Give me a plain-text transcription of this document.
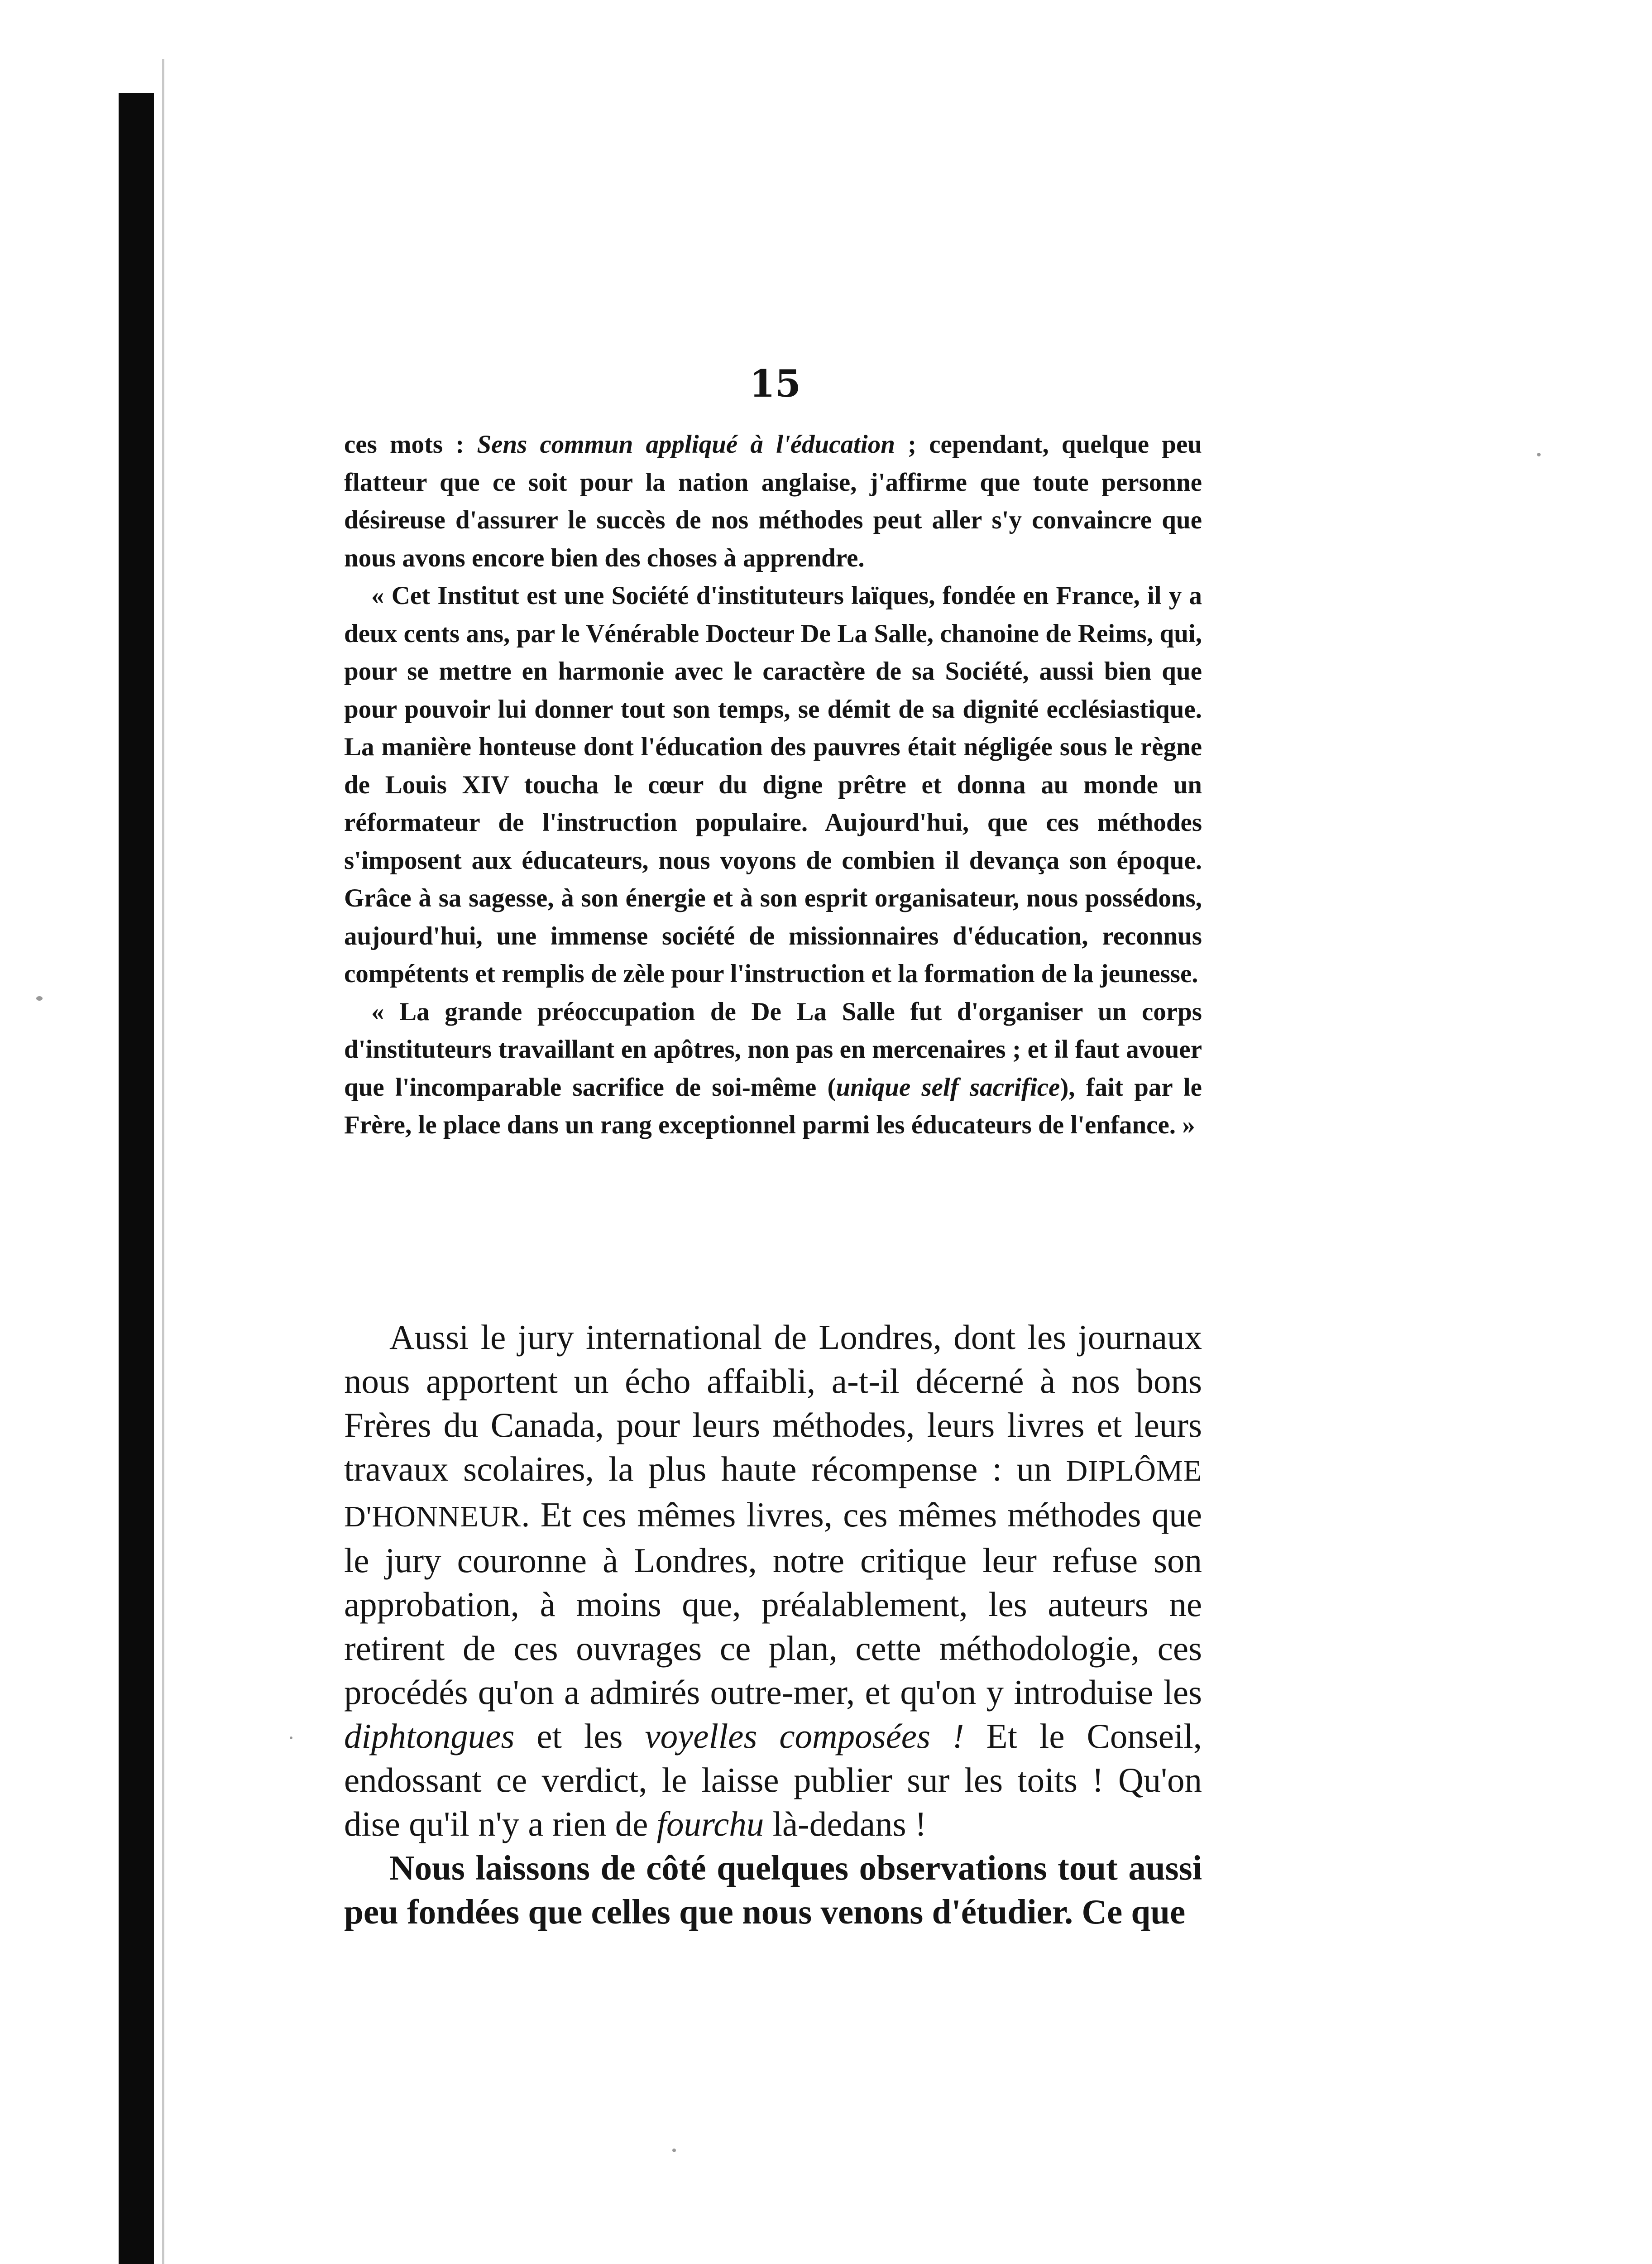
15

ces mots : Sens commun appliqué à l'éducation ; cependant, quelque peu flatteur que ce soit pour la nation anglaise, j'affirme que toute personne désireuse d'assurer le succès de nos méthodes peut aller s'y convaincre que nous avons encore bien des choses à apprendre.

« Cet Institut est une Société d'instituteurs laïques, fondée en France, il y a deux cents ans, par le Vénérable Docteur De La Salle, chanoine de Reims, qui, pour se mettre en harmonie avec le caractère de sa Société, aussi bien que pour pouvoir lui donner tout son temps, se démit de sa dignité ecclésiastique. La manière honteuse dont l'éducation des pauvres était négligée sous le règne de Louis XIV toucha le cœur du digne prêtre et donna au monde un réformateur de l'instruction populaire. Aujourd'hui, que ces méthodes s'imposent aux éducateurs, nous voyons de combien il devança son époque. Grâce à sa sagesse, à son énergie et à son esprit organisateur, nous possédons, aujourd'hui, une immense société de missionnaires d'éducation, reconnus compétents et remplis de zèle pour l'instruction et la formation de la jeunesse.

« La grande préoccupation de De La Salle fut d'organiser un corps d'instituteurs travaillant en apôtres, non pas en mercenaires ; et il faut avouer que l'incomparable sacrifice de soi-même (unique self sacrifice), fait par le Frère, le place dans un rang exceptionnel parmi les éducateurs de l'enfance. »

Aussi le jury international de Londres, dont les journaux nous apportent un écho affaibli, a-t-il décerné à nos bons Frères du Canada, pour leurs méthodes, leurs livres et leurs travaux scolaires, la plus haute récompense : un DIPLÔME D'HONNEUR. Et ces mêmes livres, ces mêmes méthodes que le jury couronne à Londres, notre critique leur refuse son approbation, à moins que, préalablement, les auteurs ne retirent de ces ouvrages ce plan, cette méthodologie, ces procédés qu'on a admirés outre-mer, et qu'on y introduise les diphtongues et les voyelles composées ! Et le Conseil, endossant ce verdict, le laisse publier sur les toits ! Qu'on dise qu'il n'y a rien de fourchu là-dedans !

Nous laissons de côté quelques observations tout aussi peu fondées que celles que nous venons d'étudier. Ce que
